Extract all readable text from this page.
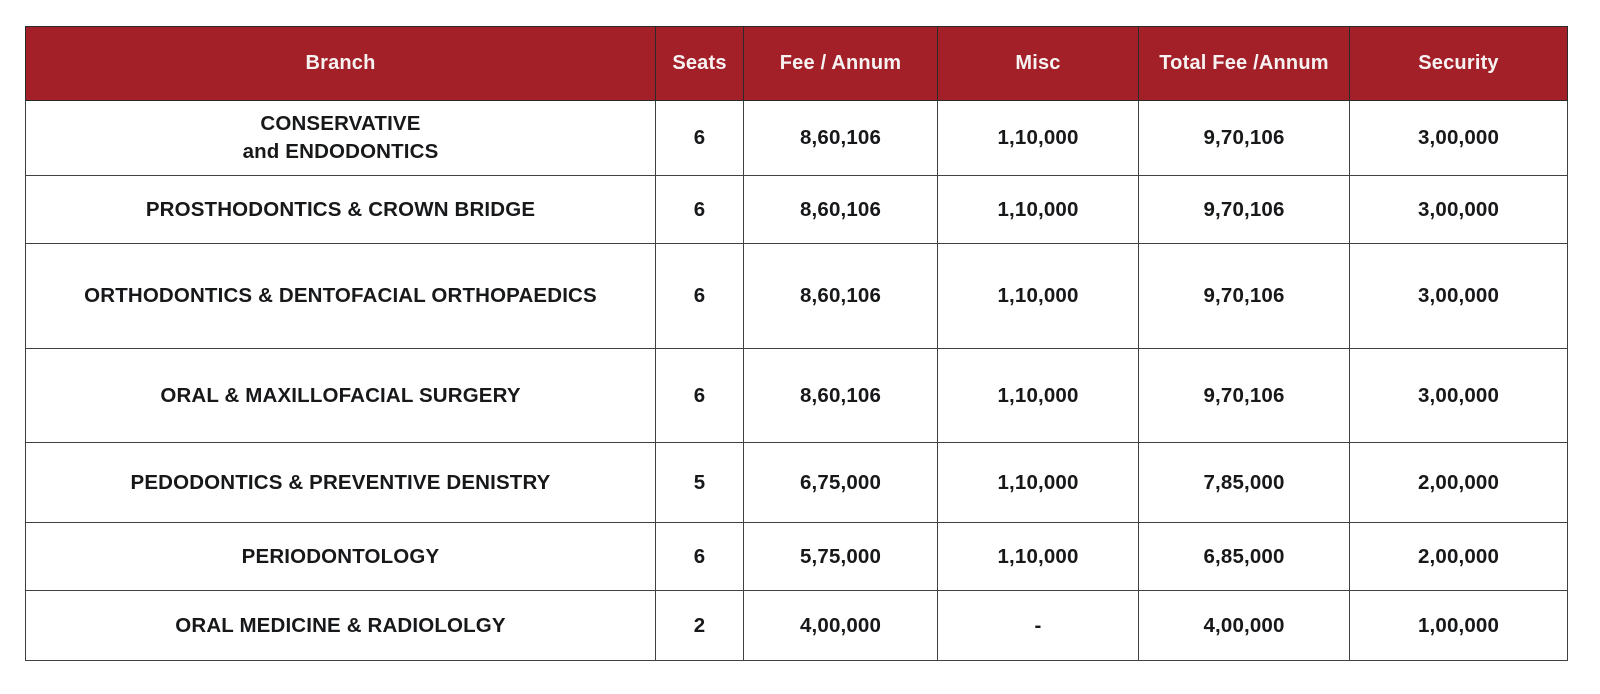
Branch	Seats	Fee / Annum	Misc	Total Fee /Annum	Security

CONSERVATIVE
and ENDODONTICS	6	8,60,106	1,10,000	9,70,106	3,00,000

PROSTHODONTICS & CROWN BRIDGE	6	8,60,106	1,10,000	9,70,106	3,00,000

ORTHODONTICS & DENTOFACIAL ORTHOPAEDICS	6	8,60,106	1,10,000	9,70,106	3,00,000

ORAL & MAXILLOFACIAL SURGERY	6	8,60,106	1,10,000	9,70,106	3,00,000

PEDODONTICS & PREVENTIVE DENISTRY	5	6,75,000	1,10,000	7,85,000	2,00,000

PERIODONTOLOGY	6	5,75,000	1,10,000	6,85,000	2,00,000

ORAL MEDICINE & RADIOLOLGY	2	4,00,000	-	4,00,000	1,00,000
